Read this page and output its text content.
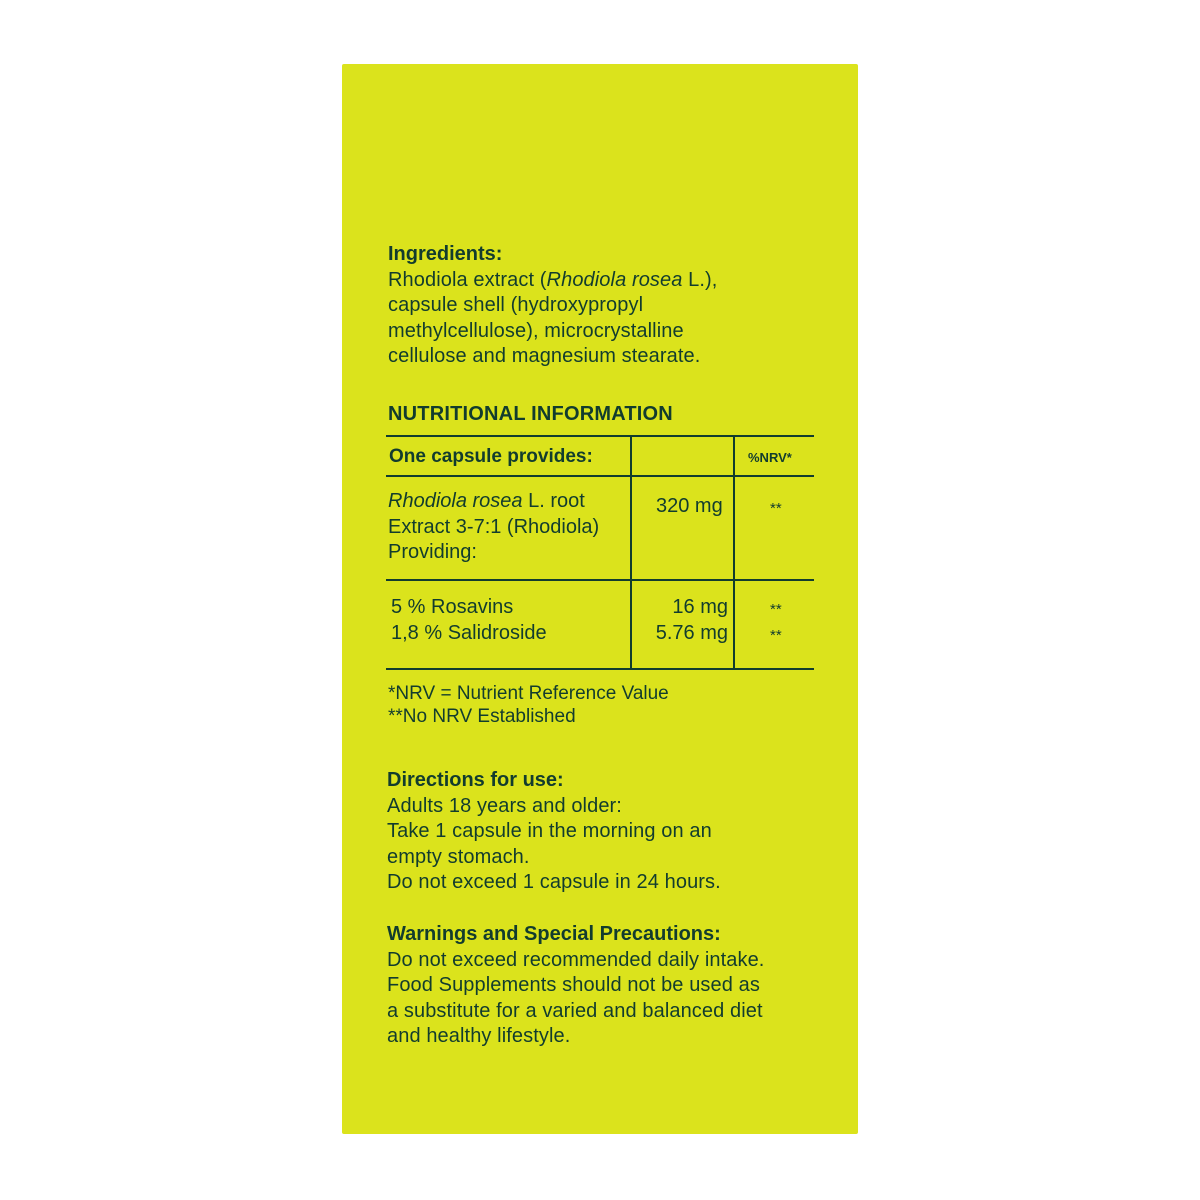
Ingredients:
Rhodiola extract (Rhodiola rosea L.),
capsule shell (hydroxypropyl
methylcellulose), microcrystalline
cellulose and magnesium stearate.
NUTRITIONAL INFORMATION
One capsule provides:	%NRV*
Rhodiola rosea L. root
Extract 3-7:1 (Rhodiola)
Providing:
320 mg	**
5 % Rosavins
1,8 % Salidroside
16 mg
5.76 mg
**
**
*NRV = Nutrient Reference Value
**No NRV Established
Directions for use:
Adults 18 years and older:
Take 1 capsule in the morning on an
empty stomach.
Do not exceed 1 capsule in 24 hours.
Warnings and Special Precautions:
Do not exceed recommended daily intake.
Food Supplements should not be used as
a substitute for a varied and balanced diet
and healthy lifestyle.
